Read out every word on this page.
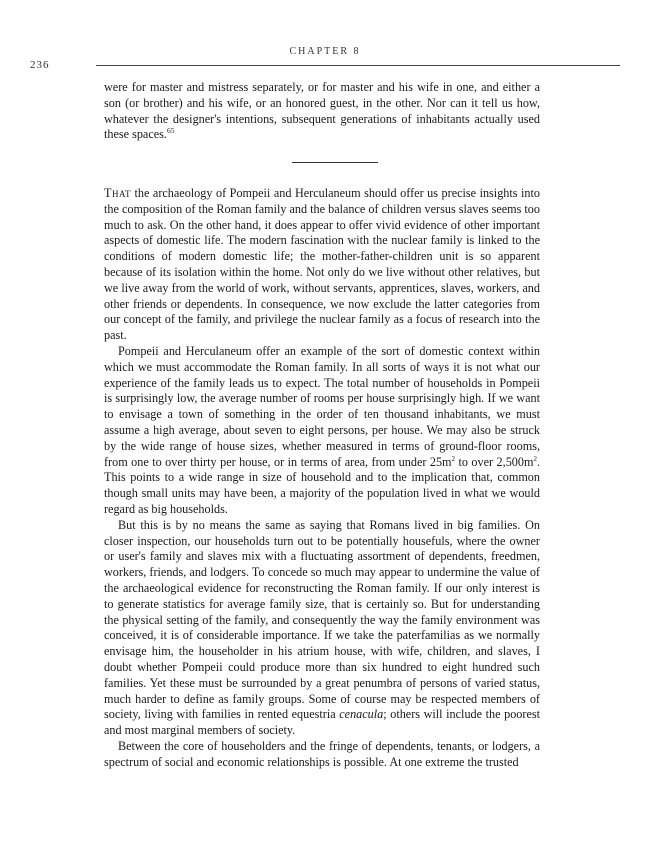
236
CHAPTER 8

were for master and mistress separately, or for master and his wife in one, and either a son (or brother) and his wife, or an honored guest, in the other. Nor can it tell us how, whatever the designer's intentions, subsequent generations of inhabitants actually used these spaces.$^{65}$

That the archaeology of Pompeii and Herculaneum should offer us precise insights into the composition of the Roman family and the balance of children versus slaves seems too much to ask. On the other hand, it does appear to offer vivid evidence of other important aspects of domestic life. The modern fascination with the nuclear family is linked to the conditions of modern domestic life; the mother-father-children unit is so apparent because of its isolation within the home. Not only do we live without other relatives, but we live away from the world of work, without servants, apprentices, slaves, workers, and other friends or dependents. In consequence, we now exclude the latter categories from our concept of the family, and privilege the nuclear family as a focus of research into the past.

Pompeii and Herculaneum offer an example of the sort of domestic context within which we must accommodate the Roman family. In all sorts of ways it is not what our experience of the family leads us to expect. The total number of households in Pompeii is surprisingly low, the average number of rooms per house surprisingly high. If we want to envisage a town of something in the order of ten thousand inhabitants, we must assume a high average, about seven to eight persons, per house. We may also be struck by the wide range of house sizes, whether measured in terms of ground-floor rooms, from one to over thirty per house, or in terms of area, from under $25m^2$ to over $2,500m^2$. This points to a wide range in size of household and to the implication that, common though small units may have been, a majority of the population lived in what we would regard as big households.

But this is by no means the same as saying that Romans lived in big families. On closer inspection, our households turn out to be potentially housefuls, where the owner or user's family and slaves mix with a fluctuating assortment of dependents, freedmen, workers, friends, and lodgers. To concede so much may appear to undermine the value of the archaeological evidence for reconstructing the Roman family. If our only interest is to generate statistics for average family size, that is certainly so. But for understanding the physical setting of the family, and consequently the way the family environment was conceived, it is of considerable importance. If we take the paterfamilias as we normally envisage him, the householder in his atrium house, with wife, children, and slaves, I doubt whether Pompeii could produce more than six hundred to eight hundred such families. Yet these must be surrounded by a great penumbra of persons of varied status, much harder to define as family groups. Some of course may be respected members of society, living with families in rented equestria cenacula; others will include the poorest and most marginal members of society.

Between the core of householders and the fringe of dependents, tenants, or lodgers, a spectrum of social and economic relationships is possible. At one extreme the trusted
